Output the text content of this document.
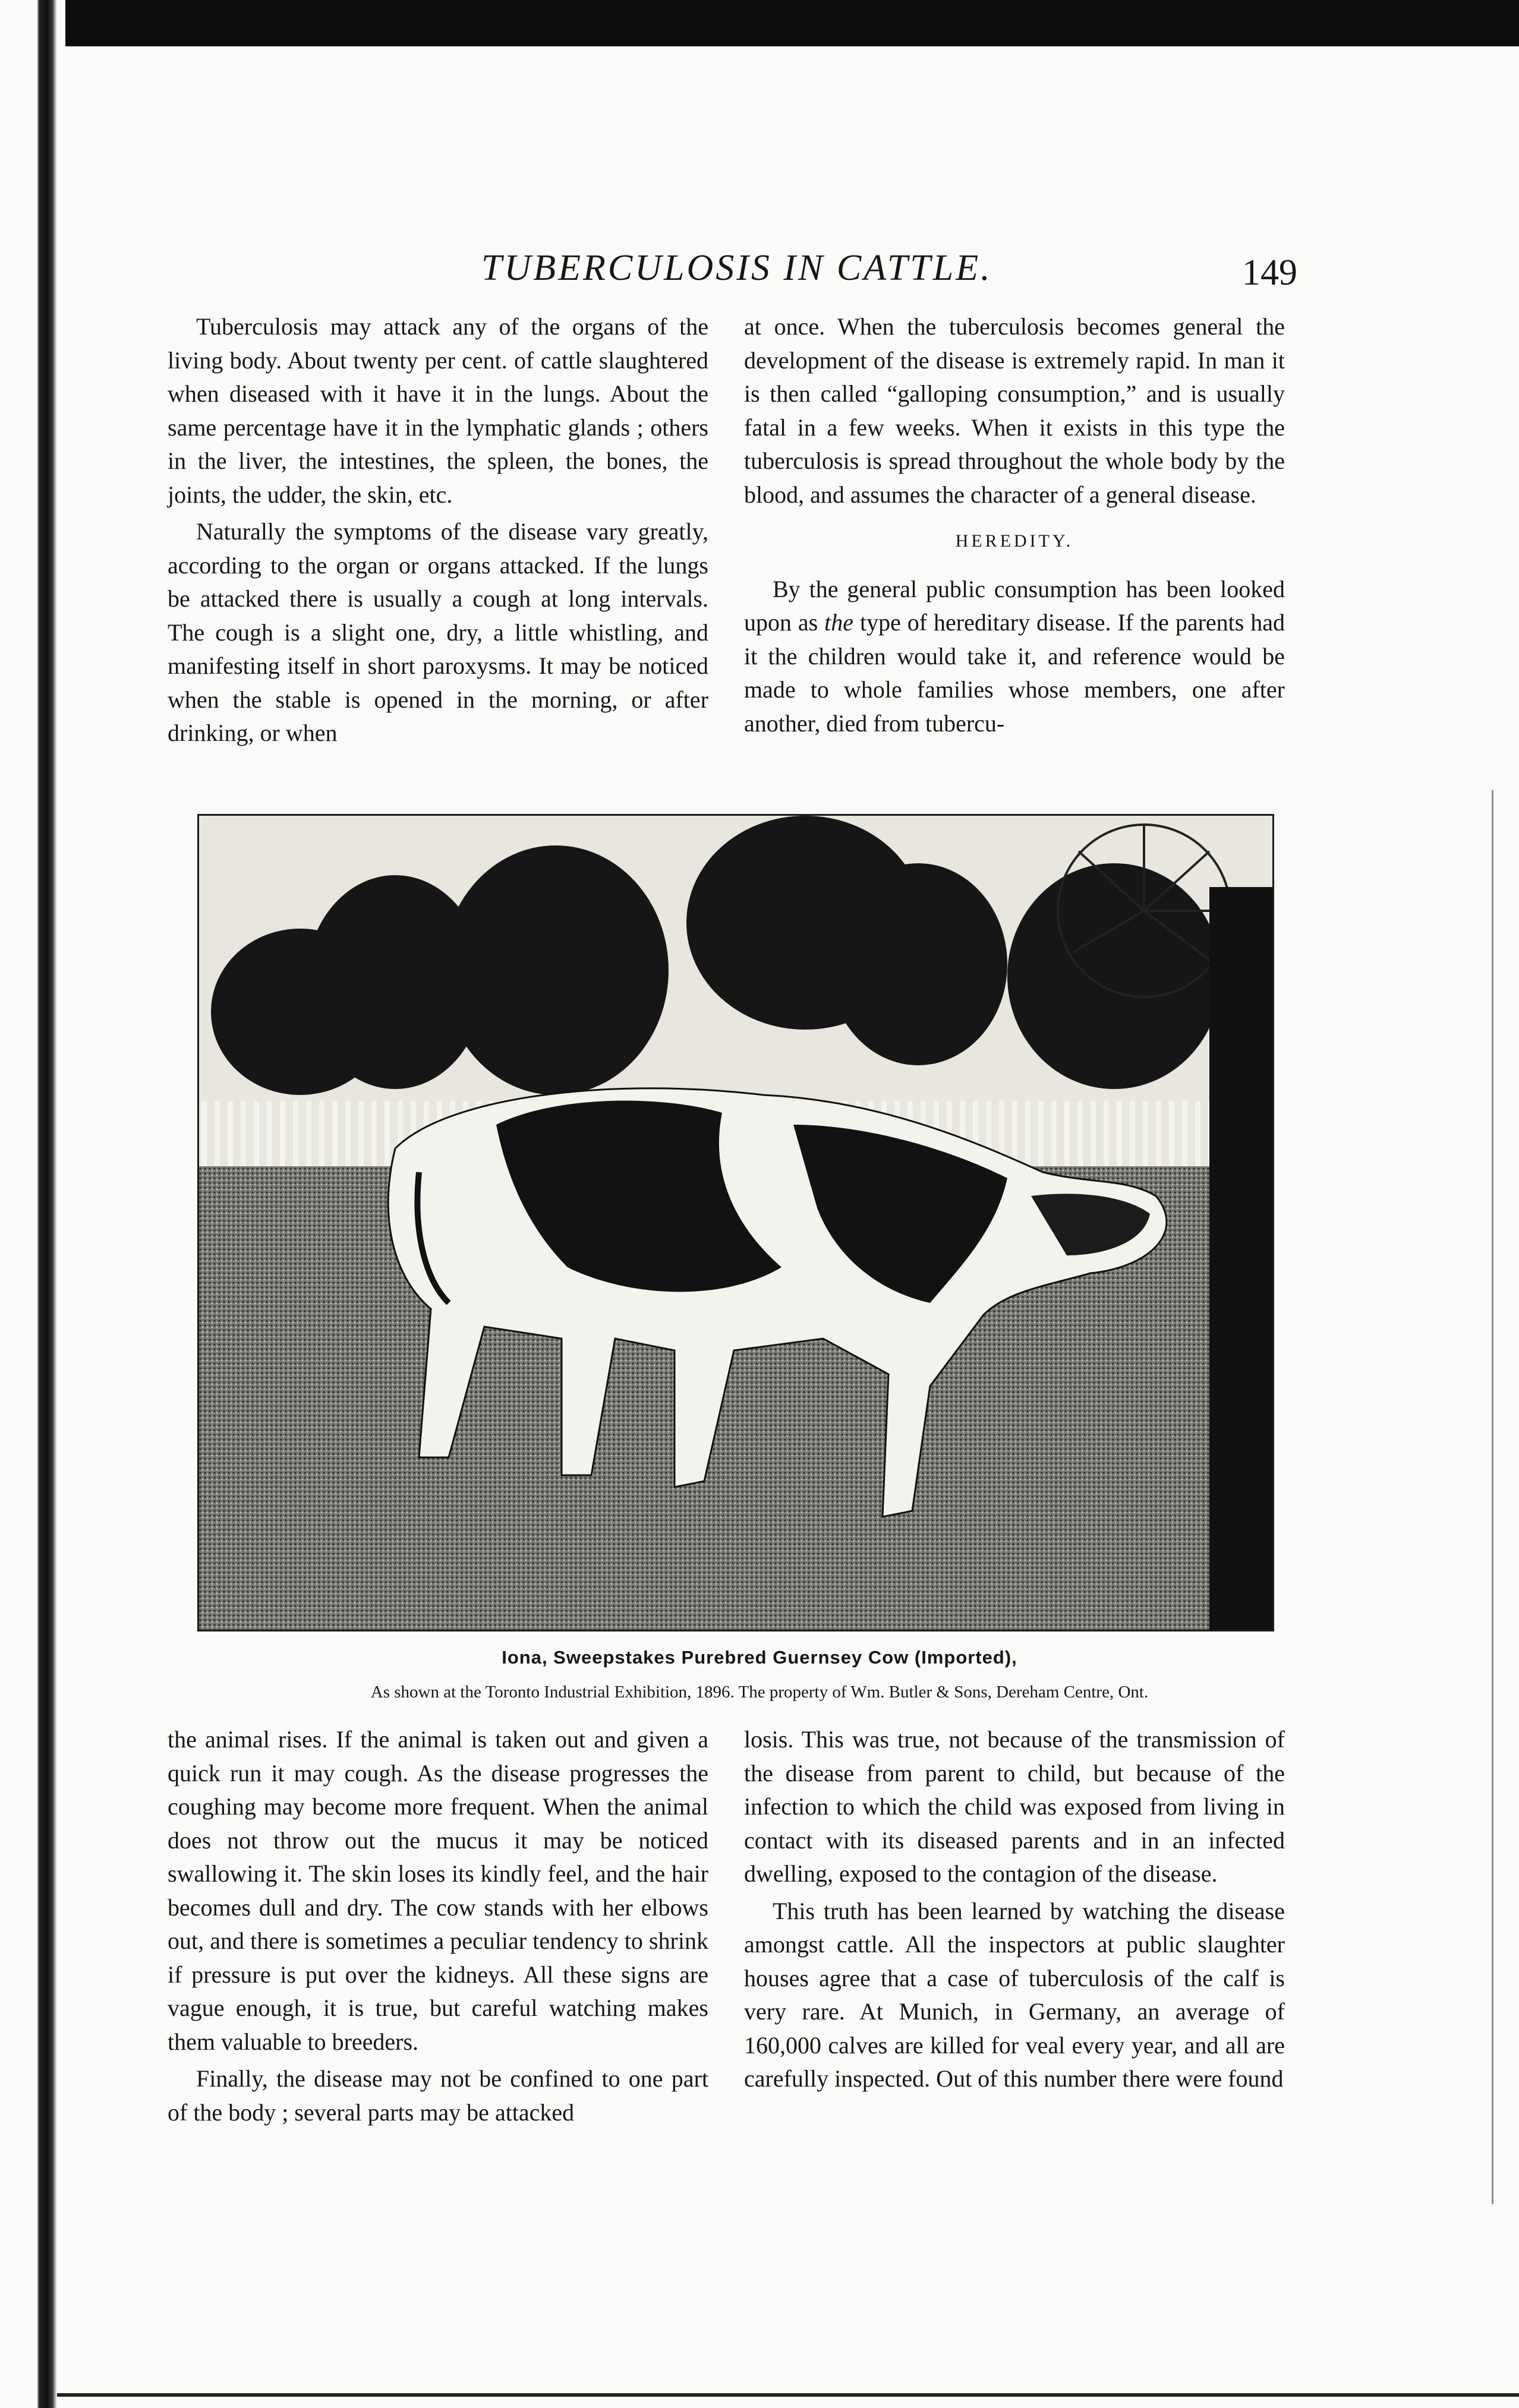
TUBERCULOSIS IN CATTLE.	149

Tuberculosis may attack any of the organs of the living body. About twenty per cent. of cattle slaughtered when diseased with it have it in the lungs. About the same percentage have it in the lymphatic glands ; others in the liver, the intestines, the spleen, the bones, the joints, the udder, the skin, etc.

Naturally the symptoms of the disease vary greatly, according to the organ or organs attacked. If the lungs be attacked there is usually a cough at long intervals. The cough is a slight one, dry, a little whistling, and manifesting itself in short paroxysms. It may be noticed when the stable is opened in the morning, or after drinking, or when

at once. When the tuberculosis becomes general the development of the disease is extremely rapid. In man it is then called “galloping consumption,” and is usually fatal in a few weeks. When it exists in this type the tuberculosis is spread throughout the whole body by the blood, and assumes the character of a general disease.

HEREDITY.

By the general public consumption has been looked upon as the type of hereditary disease. If the parents had it the children would take it, and reference would be made to whole families whose members, one after another, died from tubercu-

Iona, Sweepstakes Purebred Guernsey Cow (Imported),
As shown at the Toronto Industrial Exhibition, 1896. The property of Wm. Butler & Sons, Dereham Centre, Ont.

the animal rises. If the animal is taken out and given a quick run it may cough. As the disease progresses the coughing may become more frequent. When the animal does not throw out the mucus it may be noticed swallowing it. The skin loses its kindly feel, and the hair becomes dull and dry. The cow stands with her elbows out, and there is sometimes a peculiar tendency to shrink if pressure is put over the kidneys. All these signs are vague enough, it is true, but careful watching makes them valuable to breeders.

Finally, the disease may not be confined to one part of the body ; several parts may be attacked

losis. This was true, not because of the transmission of the disease from parent to child, but because of the infection to which the child was exposed from living in contact with its diseased parents and in an infected dwelling, exposed to the contagion of the disease.

This truth has been learned by watching the disease amongst cattle. All the inspectors at public slaughter houses agree that a case of tuberculosis of the calf is very rare. At Munich, in Germany, an average of 160,000 calves are killed for veal every year, and all are carefully inspected. Out of this number there were found
